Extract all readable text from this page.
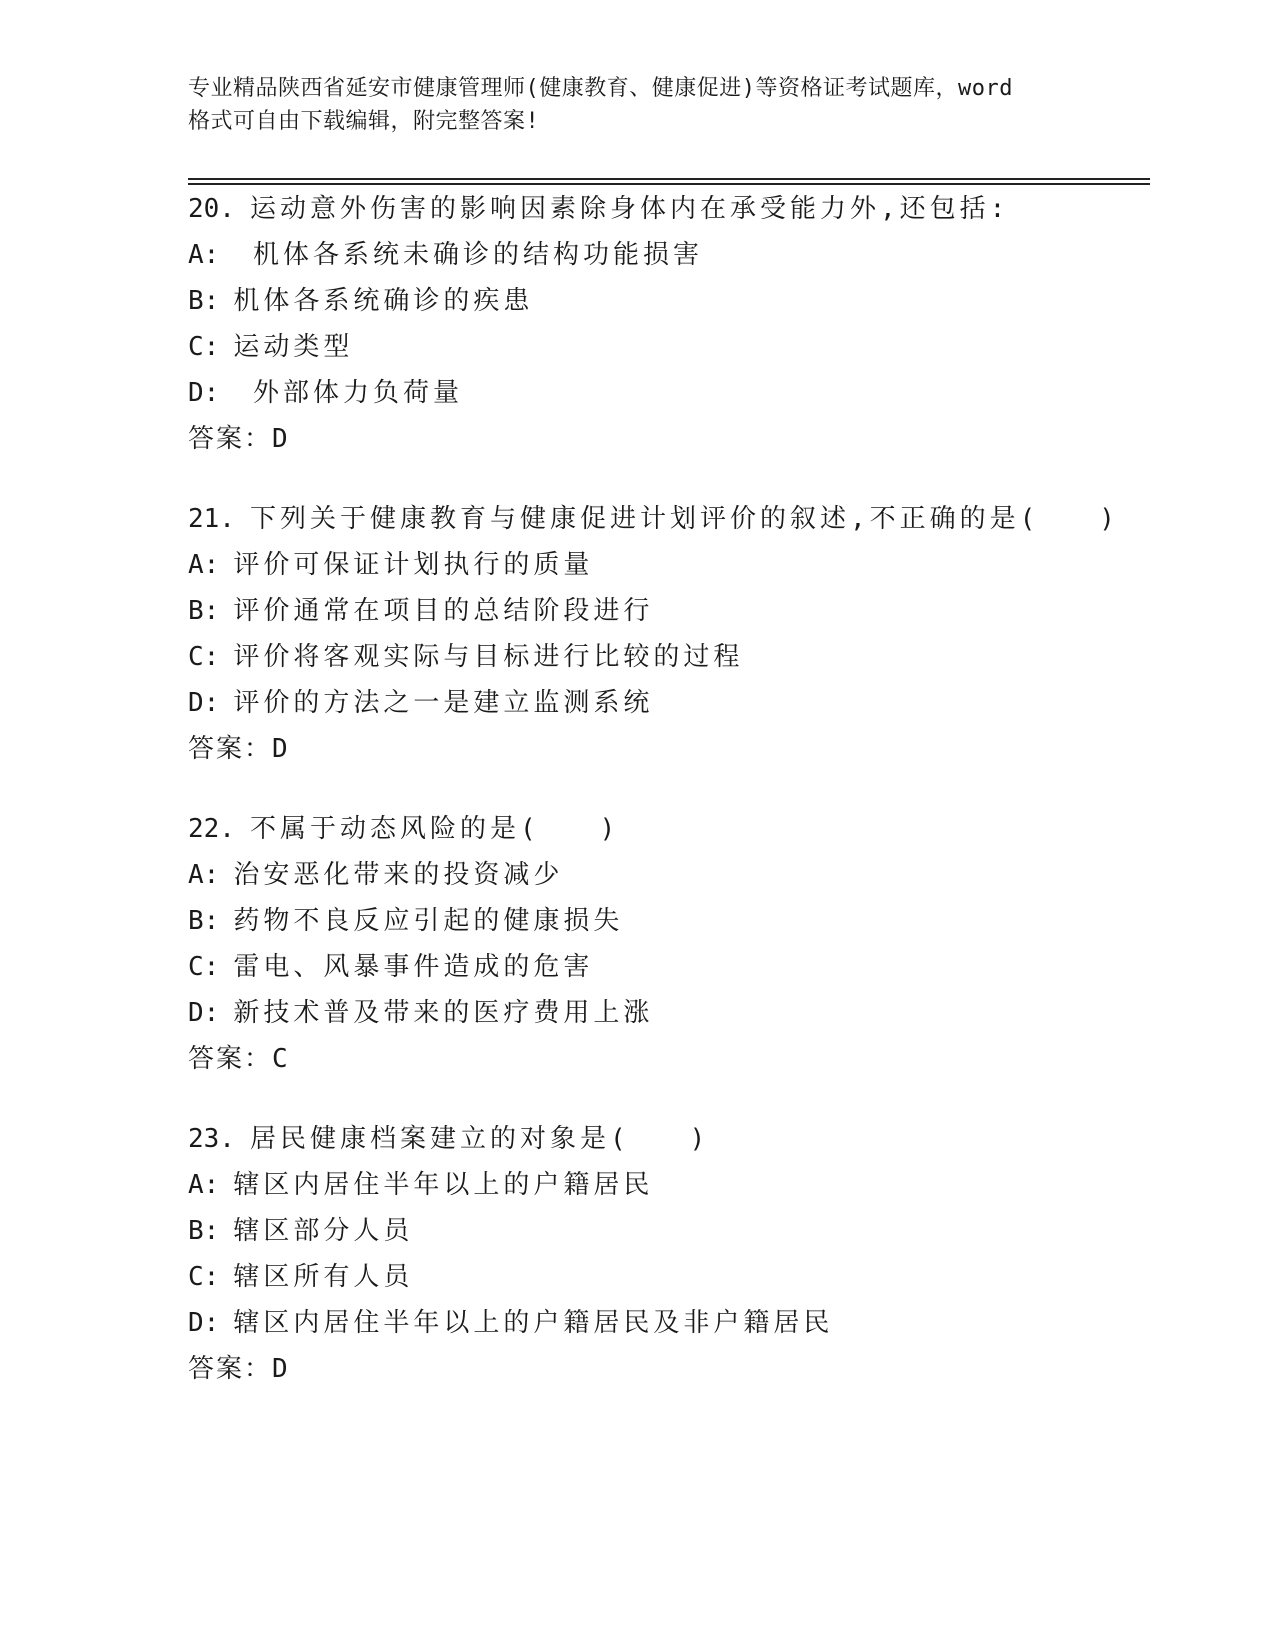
专业精品陕西省延安市健康管理师(健康教育、健康促进)等资格证考试题库，word
格式可自由下载编辑，附完整答案!
20. 运动意外伤害的影响因素除身体内在承受能力外,还包括:
A: 机体各系统未确诊的结构功能损害
B: 机体各系统确诊的疾患
C: 运动类型
D: 外部体力负荷量
答案：D
21. 下列关于健康教育与健康促进计划评价的叙述,不正确的是(　　)
A: 评价可保证计划执行的质量
B: 评价通常在项目的总结阶段进行
C: 评价将客观实际与目标进行比较的过程
D: 评价的方法之一是建立监测系统
答案：D
22. 不属于动态风险的是(　　)
A: 治安恶化带来的投资减少
B: 药物不良反应引起的健康损失
C: 雷电、风暴事件造成的危害
D: 新技术普及带来的医疗费用上涨
答案：C
23. 居民健康档案建立的对象是(　　)
A: 辖区内居住半年以上的户籍居民
B: 辖区部分人员
C: 辖区所有人员
D: 辖区内居住半年以上的户籍居民及非户籍居民
答案：D
